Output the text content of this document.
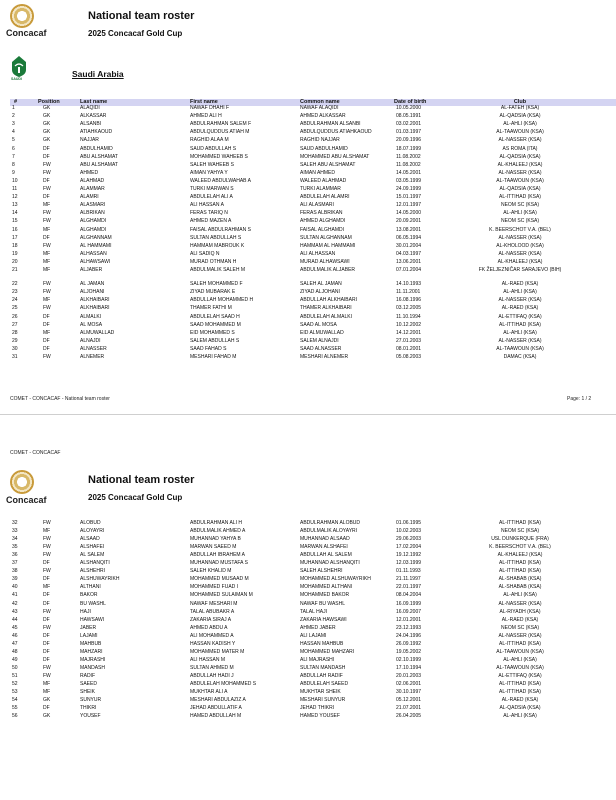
Concacaf
National team roster
2025 Concacaf Gold Cup
SAUDI	Saudi Arabia
#	Position	Last name	First name	Common name	Date of birth	Club
1	GK	ALAQIDI	NAWAF DHAHI F	NAWAF ALAQIDI	10.05.2000	AL-FATEH (KSA)
2	GK	ALKASSAR	AHMED ALI H	AHMED ALKASSAR	08.05.1991	AL-QADSIA (KSA)
3	GK	ALSANBI	ABDULRAHMAN SALEM F	ABDULRAHMAN ALSANBI	03.02.2001	AL-AHLI (KSA)
4	GK	ATIAHKAOUD	ABDULQUDDUS ATIAH M	ABDULQUDDUS ATIAHKAOUD	01.03.1997	AL-TAAWOUN (KSA)
5	GK	NAJJAR	RAGHID ALAA M	RAGHID NAJJAR	20.09.1996	AL-NASSER (KSA)
6	DF	ABDULHAMID	SAUD ABDULLAH S	SAUD ABDULHAMID	18.07.1999	AS ROMA (ITA)
7	DF	ABU ALSHAMAT	MOHAMMED WAHEEB S	MOHAMMED ABU ALSHAMAT	11.08.2002	AL-QADSIA (KSA)
8	FW	ABU ALSHAMAT	SALEH WAHEEB S	SALEH ABU ALSHAMAT	11.08.2002	AL-KHALEEJ (KSA)
9	FW	AHMED	AIMAN YAHYA Y	AIMAN AHMED	14.05.2001	AL-NASSER (KSA)
10	DF	ALAHMAD	WALEED ABDULWAHAB A	WALEED ALAHMAD	03.05.1999	AL-TAAWOUN (KSA)
11	FW	ALAMMAR	TURKI MARWAN S	TURKI ALAMMAR	24.09.1999	AL-QADSIA (KSA)
12	DF	ALAMRI	ABDULELAH ALI A	ABDULELAH ALAMRI	15.01.1997	AL-ITTIHAD (KSA)
13	MF	ALASMARI	ALI HASSAN A	ALI ALASMARI	12.01.1997	NEOM SC (KSA)
14	FW	ALBRIKAN	FERAS TARIQ N	FERAS ALBRIKAN	14.05.2000	AL-AHLI (KSA)
15	FW	ALGHAMDI	AHMED MAZEN A	AHMED ALGHAMDI	20.09.2001	NEOM SC (KSA)
16	MF	ALGHAMDI	FAISAL ABDULRAHMAN S	FAISAL ALGHAMDI	13.08.2001	K. BEERSCHOT V.A. (BEL)
17	DF	ALGHANNAM	SULTAN ABDULLAH S	SULTAN ALGHANNAM	06.05.1994	AL-NASSER (KSA)
18	FW	AL HAMMAMI	HAMMAM MABROUK K	HAMMAM AL HAMMAMI	30.01.2004	AL-KHOLOOD (KSA)
19	MF	ALHASSAN	ALI SADIQ N	ALI ALHASSAN	04.03.1997	AL-NASSER (KSA)
20	MF	ALHAWSAWI	MURAD OTHMAN H	MURAD ALHAWSAWI	13.06.2001	AL-KHALEEJ (KSA)
21	MF	ALJABER	ABDULMALIK SALEH M	ABDULMALIK ALJABER	07.01.2004	FK ŽELJEZNIČAR SARAJEVO (BIH)
22	FW	AL JAMAN	SALEH MOHAMMED F	SALEH AL JAMAN	14.10.1993	AL-RAED (KSA)
23	FW	ALJOHANI	ZIYAD MUBARAK E	ZIYAD ALJOHANI	11.11.2001	AL-AHLI (KSA)
24	MF	ALKHAIBARI	ABDULLAH MOHAMMED H	ABDULLAH ALKHAIBARI	16.08.1996	AL-NASSER (KSA)
25	FW	ALKHAIBARI	THAMER FATHI M	THAMER ALKHAIBARI	03.12.2005	AL-RAED (KSA)
26	DF	ALMALKI	ABDULELAH SAAD H	ABDULELAH ALMALKI	11.10.1994	AL-ETTIFAQ (KSA)
27	DF	AL MOSA	SAAD MOHAMMED M	SAAD AL MOSA	10.12.2002	AL-ITTIHAD (KSA)
28	MF	ALMUWALLAD	EID MOHAMMED S	EID ALMUWALLAD	14.12.2001	AL-AHLI (KSA)
29	DF	ALNAJDI	SALEM ABDULLAH S	SALEM ALNAJDI	27.01.2003	AL-NASSER (KSA)
30	DF	ALNASSER	SAAD FAHAD S	SAAD ALNASSER	08.01.2001	AL-TAAWOUN (KSA)
31	FW	ALNEMER	MESHARI FAHAD M	MESHARI ALNEMER	05.08.2003	DAMAC (KSA)
COMET - CONCACAF - National team roster	Page: 1 / 2
COMET - CONCACAF
Concacaf
National team roster
2025 Concacaf Gold Cup
32	FW	ALOBUD	ABDULRAHMAN ALI H	ABDULRAHMAN ALOBUD	01.06.1995	AL-ITTIHAD (KSA)
33	MF	ALOYAYRI	ABDULMALIK AHMED A	ABDULMALIK ALOYAYRI	10.02.2003	NEOM SC (KSA)
34	FW	ALSAAD	MUHANNAD YAHYA B	MUHANNAD ALSAAD	29.06.2003	USL DUNKERQUE (FRA)
35	FW	ALSHAFEI	MARWAN SAEED M	MARWAN ALSHAFEI	17.02.2004	K. BEERSCHOT V.A. (BEL)
36	FW	AL SALEM	ABDULLAH IBRAHEM A	ABDULLAH AL SALEM	19.12.1992	AL-KHALEEJ (KSA)
37	DF	ALSHANQITI	MUHANNAD MUSTAFA S	MUHANNAD ALSHANQITI	12.03.1999	AL-ITTIHAD (KSA)
38	FW	ALSHEHRI	SALEH KHALID M	SALEH ALSHEHRI	01.11.1993	AL-ITTIHAD (KSA)
39	DF	ALSHUWAYRIKH	MOHAMMED MUSAAD M	MOHAMMED ALSHUWAYRIKH	21.11.1997	AL-SHABAB (KSA)
40	MF	ALTHANI	MOHAMMED FUAD I	MOHAMMED ALTHANI	22.01.1997	AL-SHABAB (KSA)
41	DF	BAKOR	MOHAMMED SULAIMAN M	MOHAMMED BAKOR	08.04.2004	AL-AHLI (KSA)
42	DF	BU WASHL	NAWAF MESHARI M	NAWAF BU WASHL	16.09.1999	AL-NASSER (KSA)
43	FW	HAJI	TALAL ABUBAKR A	TALAL HAJI	16.09.2007	AL-RIYADH (KSA)
44	DF	HAWSAWI	ZAKARIA SIRAJ A	ZAKARIA HAWSAWI	12.01.2001	AL-RAED (KSA)
45	FW	JABER	AHMED ABDU A	AHMED JABER	23.12.1993	NEOM SC (KSA)
46	DF	LAJAMI	ALI MOHAMMED A	ALI LAJAMI	24.04.1996	AL-NASSER (KSA)
47	DF	MAHBUB	HASSAN KADISH Y	HASSAN MAHBUB	26.09.1992	AL-ITTIHAD (KSA)
48	DF	MAHZARI	MOHAMMED MATER M	MOHAMMED MAHZARI	19.05.2002	AL-TAAWOUN (KSA)
49	DF	MAJRASHI	ALI HASSAN M	ALI MAJRASHI	02.10.1999	AL-AHLI (KSA)
50	FW	MANDASH	SULTAN AHMED M	SULTAN MANDASH	17.10.1994	AL-TAAWOUN (KSA)
51	FW	RADIF	ABDULLAH HADI J	ABDULLAH RADIF	20.01.2003	AL-ETTIFAQ (KSA)
52	MF	SAEED	ABDULELAH MOHAMMED S	ABDULELAH SAEED	02.06.2001	AL-ITTIHAD (KSA)
53	MF	SHEIK	MUKHTAR ALI A	MUKHTAR SHEIK	30.10.1997	AL-ITTIHAD (KSA)
54	GK	SUNYUR	MESHARI ABDULAZIZ A	MESHARI SUNYUR	05.12.2001	AL-RAED (KSA)
55	DF	THIKRI	JEHAD ABDULLATIF A	JEHAD THIKRI	21.07.2001	AL-QADSIA (KSA)
56	GK	YOUSEF	HAMED ABDULLAH M	HAMED YOUSEF	26.04.2005	AL-AHLI (KSA)
